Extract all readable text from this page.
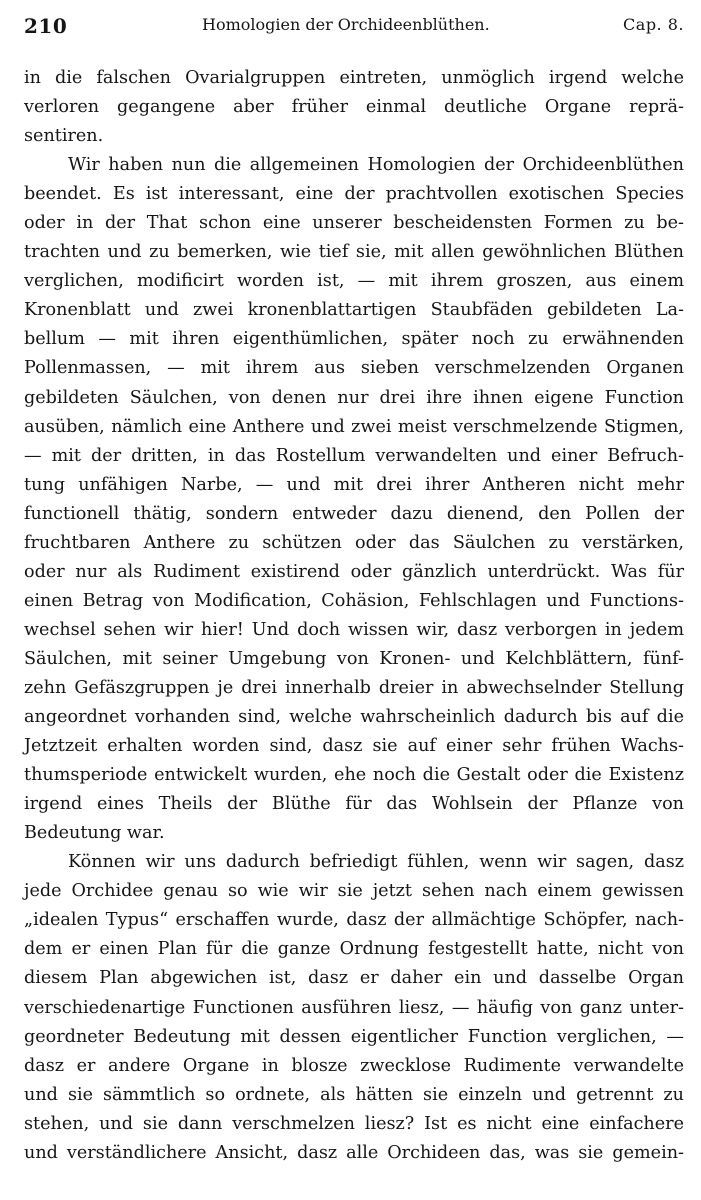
210	Homologien der Orchideenblüthen.	Cap. 8.
in die falschen Ovarialgruppen eintreten, unmöglich irgend welche
verloren gegangene aber früher einmal deutliche Organe reprä-
sentiren.
Wir haben nun die allgemeinen Homologien der Orchideenblüthen
beendet. Es ist interessant, eine der prachtvollen exotischen Species
oder in der That schon eine unserer bescheidensten Formen zu be-
trachten und zu bemerken, wie tief sie, mit allen gewöhnlichen Blüthen
verglichen, modificirt worden ist, — mit ihrem groszen, aus einem
Kronenblatt und zwei kronenblattartigen Staubfäden gebildeten La-
bellum — mit ihren eigenthümlichen, später noch zu erwähnenden
Pollenmassen, — mit ihrem aus sieben verschmelzenden Organen
gebildeten Säulchen, von denen nur drei ihre ihnen eigene Function
ausüben, nämlich eine Anthere und zwei meist verschmelzende Stigmen,
— mit der dritten, in das Rostellum verwandelten und einer Befruch-
tung unfähigen Narbe, — und mit drei ihrer Antheren nicht mehr
functionell thätig, sondern entweder dazu dienend, den Pollen der
fruchtbaren Anthere zu schützen oder das Säulchen zu verstärken,
oder nur als Rudiment existirend oder gänzlich unterdrückt. Was für
einen Betrag von Modification, Cohäsion, Fehlschlagen und Functions-
wechsel sehen wir hier! Und doch wissen wir, dasz verborgen in jedem
Säulchen, mit seiner Umgebung von Kronen- und Kelchblättern, fünf-
zehn Gefäszgruppen je drei innerhalb dreier in abwechselnder Stellung
angeordnet vorhanden sind, welche wahrscheinlich dadurch bis auf die
Jetztzeit erhalten worden sind, dasz sie auf einer sehr frühen Wachs-
thumsperiode entwickelt wurden, ehe noch die Gestalt oder die Existenz
irgend eines Theils der Blüthe für das Wohlsein der Pflanze von
Bedeutung war.
Können wir uns dadurch befriedigt fühlen, wenn wir sagen, dasz
jede Orchidee genau so wie wir sie jetzt sehen nach einem gewissen
„idealen Typus“ erschaffen wurde, dasz der allmächtige Schöpfer, nach-
dem er einen Plan für die ganze Ordnung festgestellt hatte, nicht von
diesem Plan abgewichen ist, dasz er daher ein und dasselbe Organ
verschiedenartige Functionen ausführen liesz, — häufig von ganz unter-
geordneter Bedeutung mit dessen eigentlicher Function verglichen, —
dasz er andere Organe in blosze zwecklose Rudimente verwandelte
und sie sämmtlich so ordnete, als hätten sie einzeln und getrennt zu
stehen, und sie dann verschmelzen liesz? Ist es nicht eine einfachere
und verständlichere Ansicht, dasz alle Orchideen das, was sie gemein-
